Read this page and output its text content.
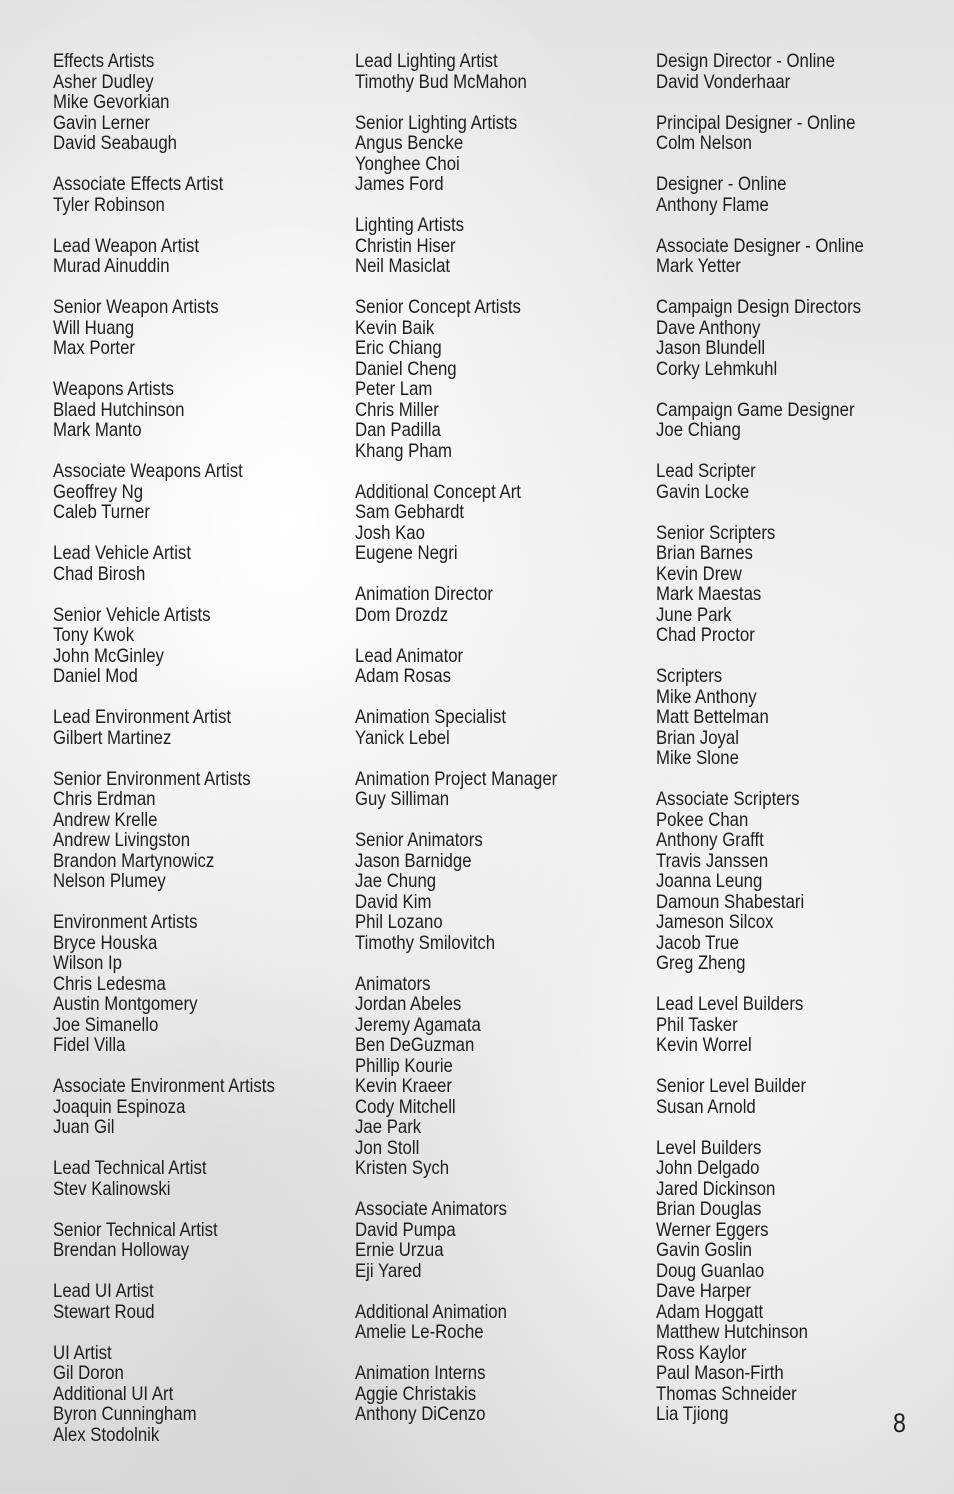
Effects Artists
Asher Dudley
Mike Gevorkian
Gavin Lerner
David Seabaugh
Associate Effects Artist
Tyler Robinson
Lead Weapon Artist
Murad Ainuddin
Senior Weapon Artists
Will Huang
Max Porter
Weapons Artists
Blaed Hutchinson
Mark Manto
Associate Weapons Artist
Geoffrey Ng
Caleb Turner
Lead Vehicle Artist
Chad Birosh
Senior Vehicle Artists
Tony Kwok
John McGinley
Daniel Mod
Lead Environment Artist
Gilbert Martinez
Senior Environment Artists
Chris Erdman
Andrew Krelle
Andrew Livingston
Brandon Martynowicz
Nelson Plumey
Environment Artists
Bryce Houska
Wilson Ip
Chris Ledesma
Austin Montgomery
Joe Simanello
Fidel Villa
Associate Environment Artists
Joaquin Espinoza
Juan Gil
Lead Technical Artist
Stev Kalinowski
Senior Technical Artist
Brendan Holloway
Lead UI Artist
Stewart Roud
UI Artist
Gil Doron
Additional UI Art
Byron Cunningham
Alex Stodolnik
Lead Lighting Artist
Timothy Bud McMahon
Senior Lighting Artists
Angus Bencke
Yonghee Choi
James Ford
Lighting Artists
Christin Hiser
Neil Masiclat
Senior Concept Artists
Kevin Baik
Eric Chiang
Daniel Cheng
Peter Lam
Chris Miller
Dan Padilla
Khang Pham
Additional Concept Art
Sam Gebhardt
Josh Kao
Eugene Negri
Animation Director
Dom Drozdz
Lead Animator
Adam Rosas
Animation Specialist
Yanick Lebel
Animation Project Manager
Guy Silliman
Senior Animators
Jason Barnidge
Jae Chung
David Kim
Phil Lozano
Timothy Smilovitch
Animators
Jordan Abeles
Jeremy Agamata
Ben DeGuzman
Phillip Kourie
Kevin Kraeer
Cody Mitchell
Jae Park
Jon Stoll
Kristen Sych
Associate Animators
David Pumpa
Ernie Urzua
Eji Yared
Additional Animation
Amelie Le-Roche
Animation Interns
Aggie Christakis
Anthony DiCenzo
Design Director - Online
David Vonderhaar
Principal Designer - Online
Colm Nelson
Designer - Online
Anthony Flame
Associate Designer - Online
Mark Yetter
Campaign Design Directors
Dave Anthony
Jason Blundell
Corky Lehmkuhl
Campaign Game Designer
Joe Chiang
Lead Scripter
Gavin Locke
Senior Scripters
Brian Barnes
Kevin Drew
Mark Maestas
June Park
Chad Proctor
Scripters
Mike Anthony
Matt Bettelman
Brian Joyal
Mike Slone
Associate Scripters
Pokee Chan
Anthony Grafft
Travis Janssen
Joanna Leung
Damoun Shabestari
Jameson Silcox
Jacob True
Greg Zheng
Lead Level Builders
Phil Tasker
Kevin Worrel
Senior Level Builder
Susan Arnold
Level Builders
John Delgado
Jared Dickinson
Brian Douglas
Werner Eggers
Gavin Goslin
Doug Guanlao
Dave Harper
Adam Hoggatt
Matthew Hutchinson
Ross Kaylor
Paul Mason-Firth
Thomas Schneider
Lia Tjiong	8
